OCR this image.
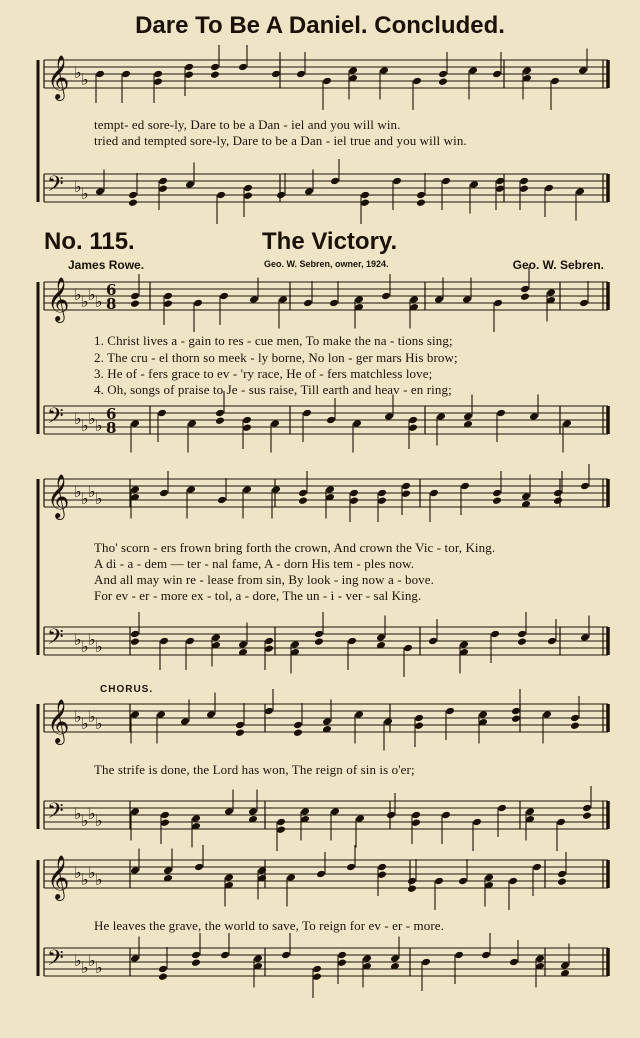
Dare To Be A Daniel. Concluded.
No. 115.	The Victory.
James Rowe.	Geo. W. Sebren, owner, 1924.	Geo. W. Sebren.
𝄞 ♭ ♭
𝄢 ♭ ♭
𝄞 ♭ ♭ ♭ ♭
𝄢 ♭ ♭ ♭ ♭
6
8
6
8
𝄞 ♭ ♭ ♭ ♭
𝄢 ♭ ♭ ♭ ♭
𝄞 ♭ ♭ ♭ ♭
𝄢 ♭ ♭ ♭ ♭
𝄞 ♭ ♭ ♭ ♭
𝄢 ♭ ♭ ♭ ♭
tempt- ed sore-ly, Dare to be a Dan - iel and you will win.
tried and tempted sore-ly, Dare to be a Dan - iel true and you will win.
1. Christ lives a - gain to res - cue men, To make the na - tions sing;
2. The cru - el thorn so meek - ly borne, No lon - ger mars His brow;
3. He of - fers grace to ev - 'ry race, He of - fers matchless love;
4. Oh, songs of praise to Je - sus raise, Till earth and heav - en ring;
Tho' scorn - ers frown bring forth the crown, And crown the Vic - tor, King.
A di - a - dem — ter - nal fame, A - dorn His tem - ples now.
And all may win re - lease from sin, By look - ing now a - bove.
For ev - er - more ex - tol, a - dore, The un - i - ver - sal King.
CHORUS.
The strife is done, the Lord has won, The reign of sin is o'er;
He leaves the grave, the world to save, To reign for ev - er - more.
